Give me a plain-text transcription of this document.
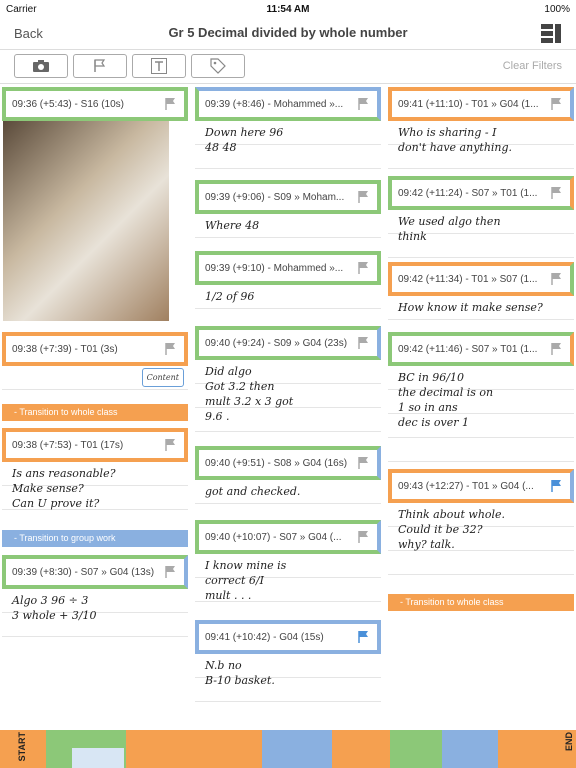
Carrier	11:54 AM	100%
Back	Gr 5 Decimal divided by whole number
Clear Filters
09:36 (+5:43) - S16 (10s)
09:38 (+7:39) - T01 (3s)

Content

- Transition to whole class
09:38 (+7:53) - T01 (17s)
Is ans reasonable?
Make sense?
Can U prove it?
- Transition to group work
09:39 (+8:30) - S07 » G04 (13s)
Algo 3 96 ÷ 3
3 whole + 3/10
09:39 (+8:46) - Mohammed »...
Down here 96
48 48
09:39 (+9:06) - S09 » Moham...
Where 48
09:39 (+9:10) - Mohammed »...
1/2 of 96
09:40 (+9:24) - S09 » G04 (23s)
Did algo
Got 3.2 then
mult 3.2 x 3 got
9.6 .
09:40 (+9:51) - S08 » G04 (16s)
got and checked.
09:40 (+10:07) - S07 » G04 (...
I know mine is
correct 6/I
mult . . .
09:41 (+10:42) - G04 (15s)
N.b no
B-10 basket.
09:41 (+11:10) - T01 » G04 (1...
Who is sharing - I
don't have anything.
09:42 (+11:24) - S07 » T01 (1...
We used algo then
think
09:42 (+11:34) - T01 » S07 (1...
How know it make sense?
09:42 (+11:46) - S07 » T01 (1...
BC in 96/10
the decimal is on
1 so in ans
dec is over 1
09:43 (+12:27) - T01 » G04 (...
Think about whole.
Could it be 32?
why? talk.
- Transition to whole class
START	END
